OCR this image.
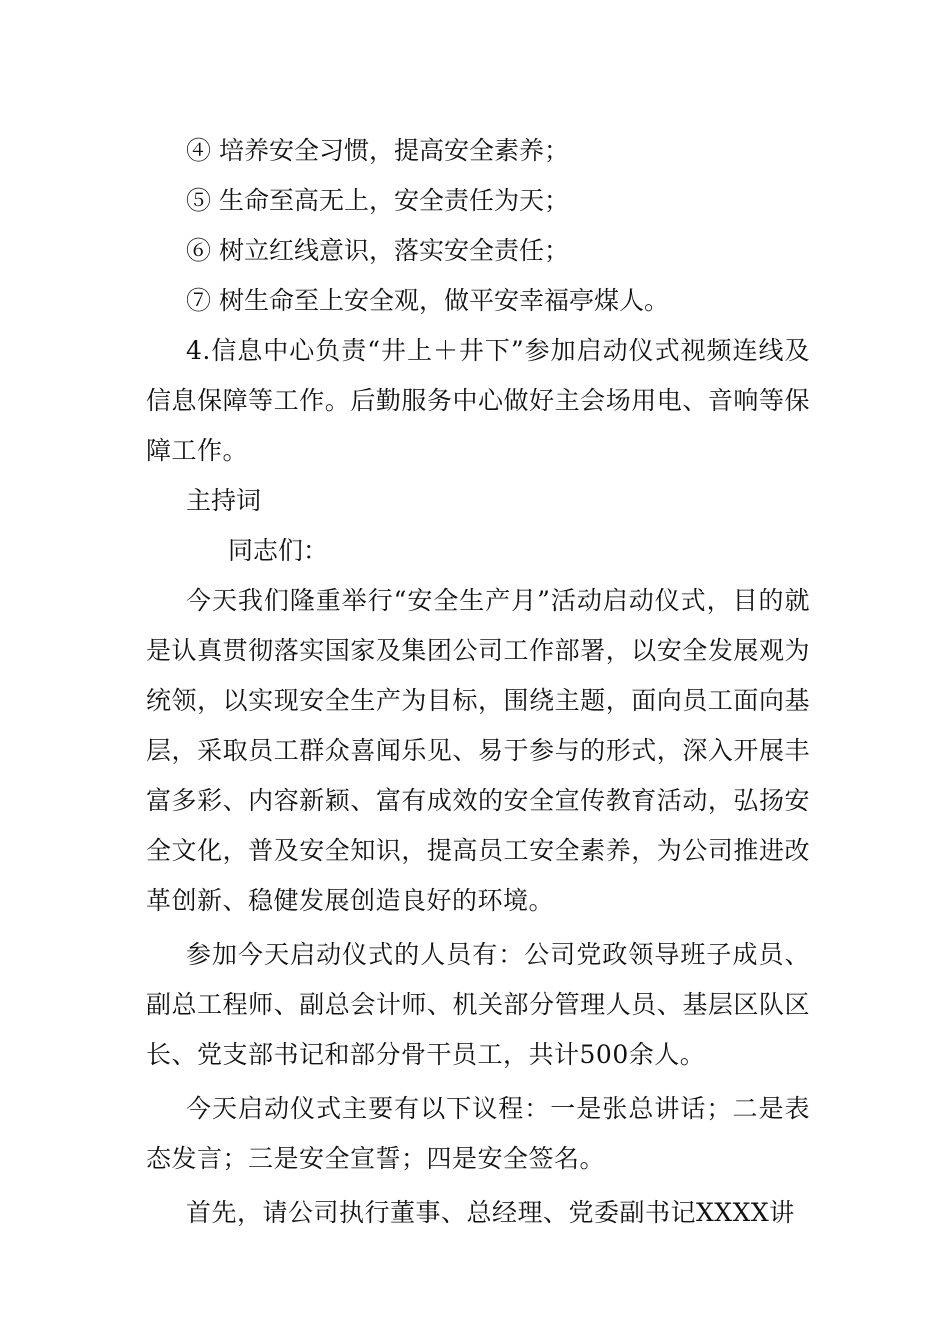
④ 培养安全习惯，提高安全素养；
⑤ 生命至高无上，安全责任为天；
⑥ 树立红线意识，落实安全责任；
⑦ 树生命至上安全观，做平安幸福亭煤人。

4.信息中心负责“井上＋井下”参加启动仪式视频连线及信息保障等工作。后勤服务中心做好主会场用电、音响等保障工作。

主持词
同志们：

今天我们隆重举行“安全生产月”活动启动仪式，目的就是认真贯彻落实国家及集团公司工作部署，以安全发展观为统领，以实现安全生产为目标，围绕主题，面向员工面向基层，采取员工群众喜闻乐见、易于参与的形式，深入开展丰富多彩、内容新颖、富有成效的安全宣传教育活动，弘扬安全文化，普及安全知识，提高员工安全素养，为公司推进改革创新、稳健发展创造良好的环境。

参加今天启动仪式的人员有：公司党政领导班子成员、副总工程师、副总会计师、机关部分管理人员、基层区队区长、党支部书记和部分骨干员工，共计500余人。

今天启动仪式主要有以下议程：一是张总讲话；二是表态发言；三是安全宣誓；四是安全签名。

首先，请公司执行董事、总经理、党委副书记XXXX讲
